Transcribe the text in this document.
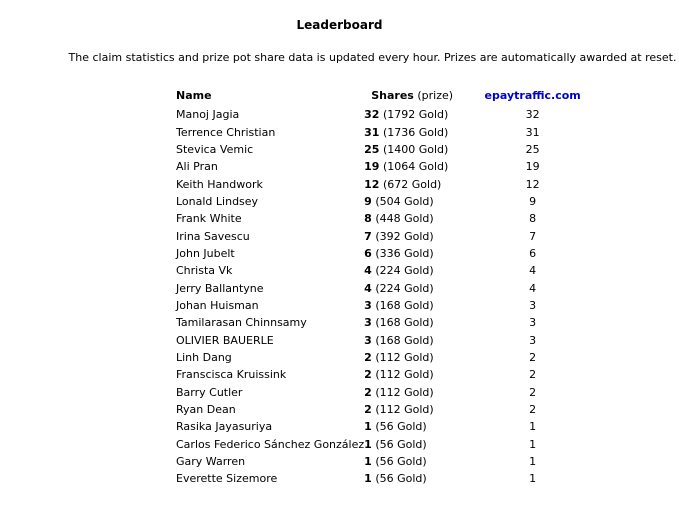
Leaderboard
The claim statistics and prize pot share data is updated every hour. Prizes are automatically awarded at reset.
Name	Shares (prize)	epaytraffic.com
Manoj Jagia	32 (1792 Gold)	32
Terrence Christian	31 (1736 Gold)	31
Stevica Vemic	25 (1400 Gold)	25
Ali Pran	19 (1064 Gold)	19
Keith Handwork	12 (672 Gold)	12
Lonald Lindsey	9 (504 Gold)	9
Frank White	8 (448 Gold)	8
Irina Savescu	7 (392 Gold)	7
John Jubelt	6 (336 Gold)	6
Christa Vk	4 (224 Gold)	4
Jerry Ballantyne	4 (224 Gold)	4
Johan Huisman	3 (168 Gold)	3
Tamilarasan Chinnsamy	3 (168 Gold)	3
OLIVIER BAUERLE	3 (168 Gold)	3
Linh Dang	2 (112 Gold)	2
Franscisca Kruissink	2 (112 Gold)	2
Barry Cutler	2 (112 Gold)	2
Ryan Dean	2 (112 Gold)	2
Rasika Jayasuriya	1 (56 Gold)	1
Carlos Federico Sánchez González	1 (56 Gold)	1
Gary Warren	1 (56 Gold)	1
Everette Sizemore	1 (56 Gold)	1
